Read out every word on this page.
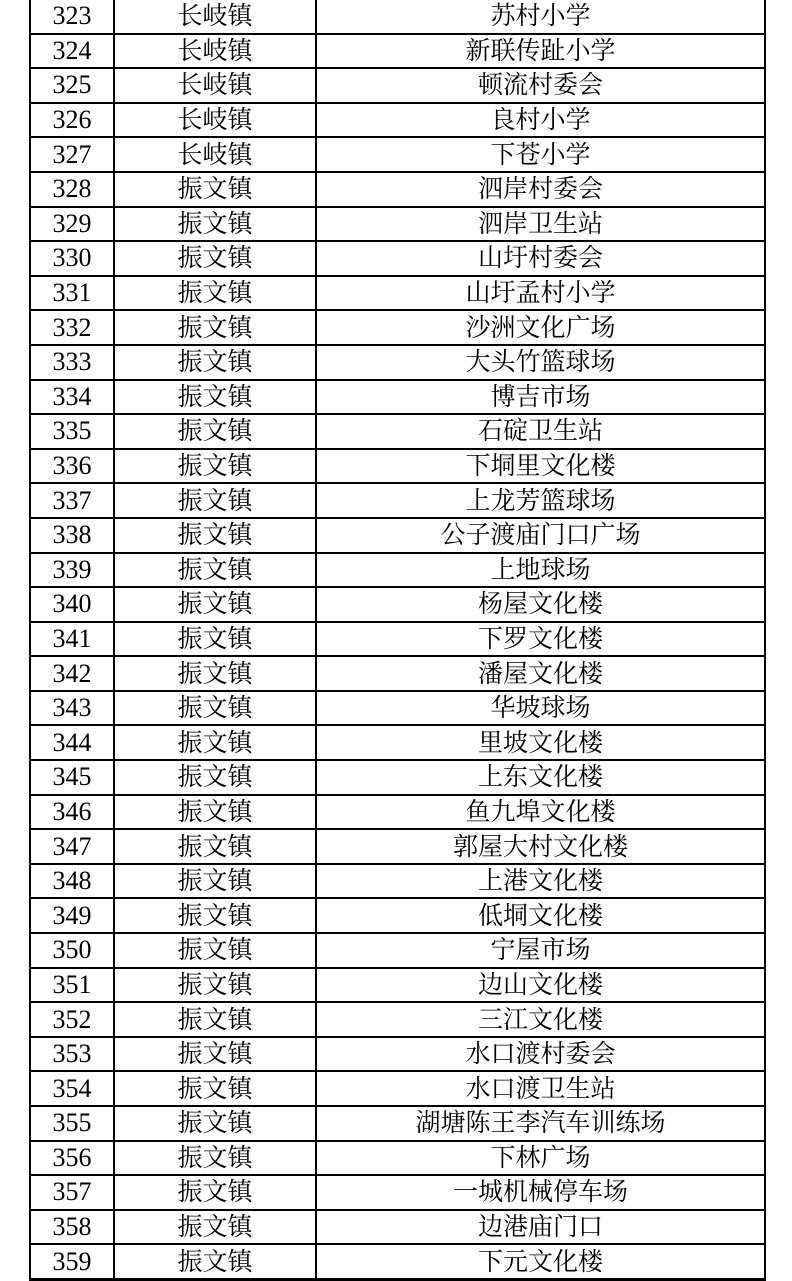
323	长岐镇	苏村小学
324	长岐镇	新联传趾小学
325	长岐镇	顿流村委会
326	长岐镇	良村小学
327	长岐镇	下苍小学
328	振文镇	泗岸村委会
329	振文镇	泗岸卫生站
330	振文镇	山圩村委会
331	振文镇	山圩孟村小学
332	振文镇	沙洲文化广场
333	振文镇	大头竹篮球场
334	振文镇	博吉市场
335	振文镇	石碇卫生站
336	振文镇	下垌里文化楼
337	振文镇	上龙芳篮球场
338	振文镇	公子渡庙门口广场
339	振文镇	上地球场
340	振文镇	杨屋文化楼
341	振文镇	下罗文化楼
342	振文镇	潘屋文化楼
343	振文镇	华坡球场
344	振文镇	里坡文化楼
345	振文镇	上东文化楼
346	振文镇	鱼九埠文化楼
347	振文镇	郭屋大村文化楼
348	振文镇	上港文化楼
349	振文镇	低垌文化楼
350	振文镇	宁屋市场
351	振文镇	边山文化楼
352	振文镇	三江文化楼
353	振文镇	水口渡村委会
354	振文镇	水口渡卫生站
355	振文镇	湖塘陈王李汽车训练场
356	振文镇	下林广场
357	振文镇	一城机械停车场
358	振文镇	边港庙门口
359	振文镇	下元文化楼
